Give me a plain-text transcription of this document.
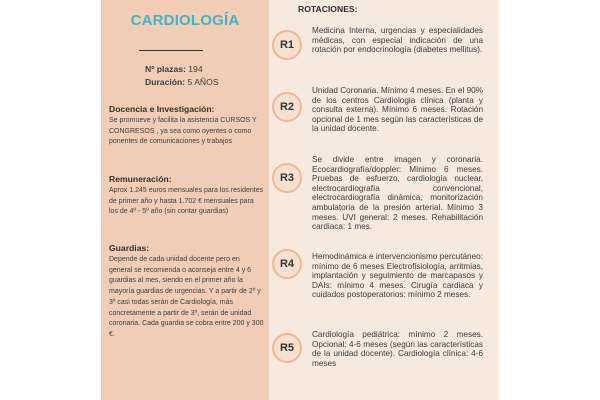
CARDIOLOGÍA
Nº plazas: 194
Duración: 5 AÑOS
Docencia e Investigación:
Se promueve y facilita la asistencia CURSOS Y CONGRESOS , ya sea como oyentes o como ponentes de comunicaciones y trabajos
Remuneración:
Aprox 1.245 euros mensuales para los residentes de primer año y hasta 1.702 € mensuales para los de 4º - 5º año (sin contar guardias)
Guardias:
Depende de cada unidad docente pero en general se recomienda o aconseja entre 4 y 6 guardias al mes, siendo en el primer año la mayoría guardias de urgencias. Y a partir de 2º y 3º casi todas serán de Cardiología, más concretamente a partir de 3º, serán de unidad coronaria. Cada guardia se cobra entre 200 y 300 €.
ROTACIONES:
R1
Medicina Interna, urgencias y especialidades médicas, con especial indicación de una rotación por endocrinología (diabetes mellitus).
R2
Unidad Coronaria. Mínimo 4 meses. En el 90% de los centros Cardiologia clínica (planta y consulta externa). Mínimo 6 meses. Rotación opcional de 1 mes según las características de la unidad docente.
R3
Se divide entre imagen y coronaria. Ecocardiografía/doppler: Mínimo 6 meses. Pruebas de esfuerzo, cardiología nuclear, electrocardiografía convencional, electrocardiografía dinámica, monitorización ambulatoria de la presión arterial. Mínimo 3 meses. UVI general: 2 meses. Rehabilitación cardiaca: 1 mes.
R4
Hemodinámica e intervencionismo percutáneo: mínimo de 6 meses Electrofisiología, arritmias, implantación y seguimiento de marcapasos y DAIs: mínimo 4 meses. Cirugía cardiaca y cuidados postoperatorios: mínimo 2 meses.
R5
Cardiología pediátrica: mínimo 2 meses. Opcional: 4-6 meses (según las características de la unidad docente). Cardiología clínica: 4-6 meses
